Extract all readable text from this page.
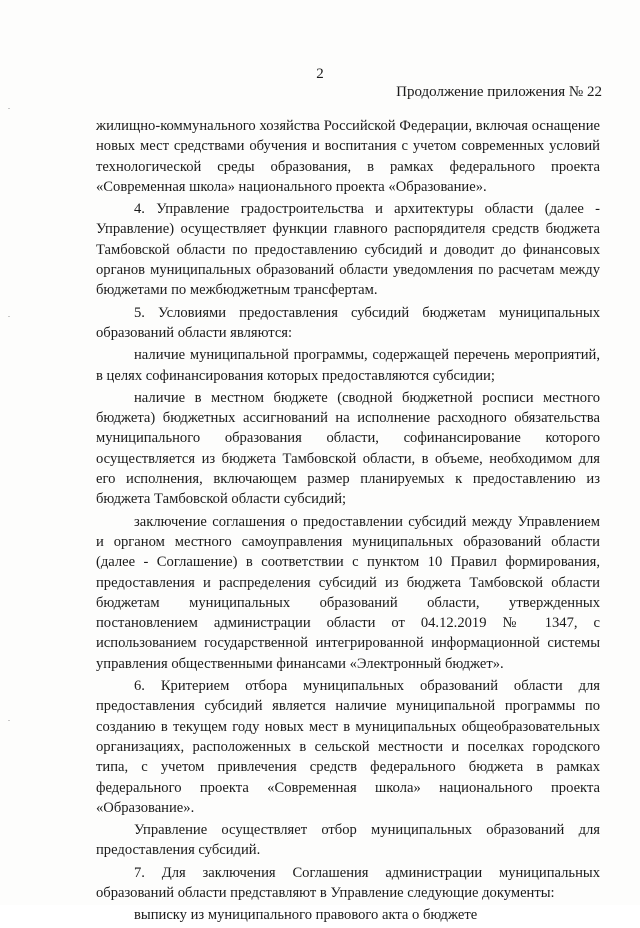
2
Продолжение приложения № 22

жилищно-коммунального хозяйства Российской Федерации, включая оснащение новых мест средствами обучения и воспитания с учетом современных условий технологической среды образования, в рамках федерального проекта «Современная школа» национального проекта «Образование».

4. Управление градостроительства и архитектуры области (далее - Управление) осуществляет функции главного распорядителя средств бюджета Тамбовской области по предоставлению субсидий и доводит до финансовых органов муниципальных образований области уведомления по расчетам между бюджетами по межбюджетным трансфертам.

5. Условиями предоставления субсидий бюджетам муниципальных образований области являются:

наличие муниципальной программы, содержащей перечень мероприятий, в целях софинансирования которых предоставляются субсидии;

наличие в местном бюджете (сводной бюджетной росписи местного бюджета) бюджетных ассигнований на исполнение расходного обязательства муниципального образования области, софинансирование которого осуществляется из бюджета Тамбовской области, в объеме, необходимом для его исполнения, включающем размер планируемых к предоставлению из бюджета Тамбовской области субсидий;

заключение соглашения о предоставлении субсидий между Управлением и органом местного самоуправления муниципальных образований области (далее - Соглашение) в соответствии с пунктом 10 Правил формирования, предоставления и распределения субсидий из бюджета Тамбовской области бюджетам муниципальных образований области, утвержденных постановлением администрации области от 04.12.2019 № 1347, с использованием государственной интегрированной информационной системы управления общественными финансами «Электронный бюджет».

6. Критерием отбора муниципальных образований области для предоставления субсидий является наличие муниципальной программы по созданию в текущем году новых мест в муниципальных общеобразовательных организациях, расположенных в сельской местности и поселках городского типа, с учетом привлечения средств федерального бюджета в рамках федерального проекта «Современная школа» национального проекта «Образование».

Управление осуществляет отбор муниципальных образований для предоставления субсидий.

7. Для заключения Соглашения администрации муниципальных образований области представляют в Управление следующие документы:

выписку из муниципального правового акта о бюджете
